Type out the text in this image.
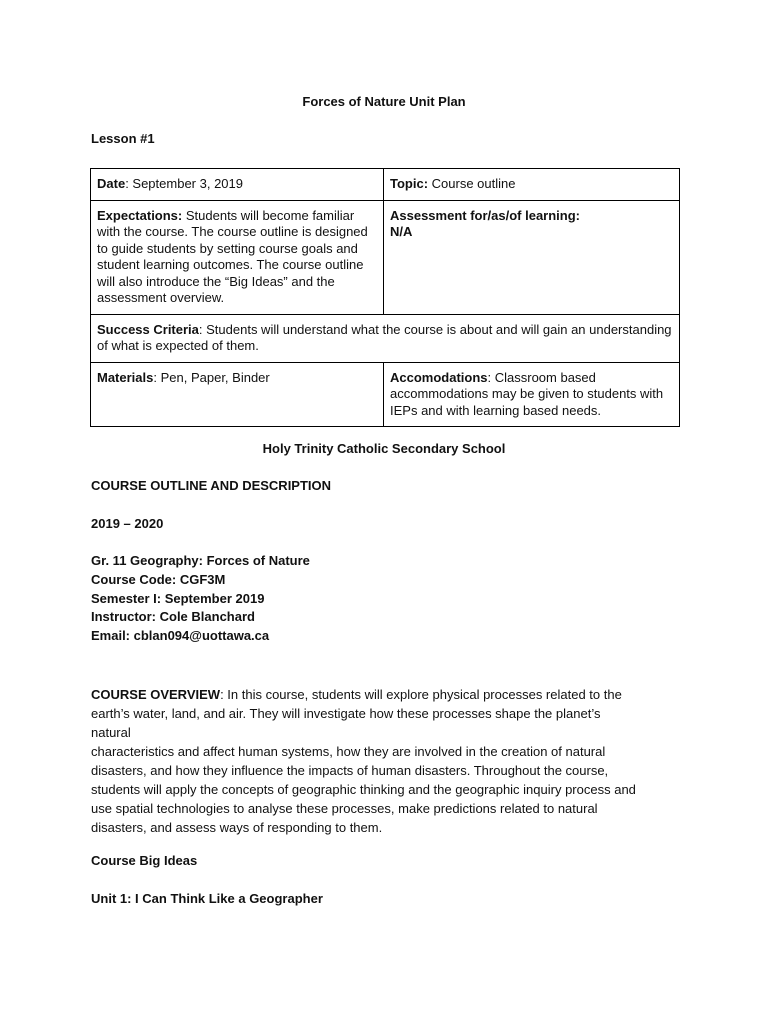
Forces of Nature Unit Plan
Lesson #1
Date: September 3, 2019	Topic: Course outline
Expectations: Students will become familiar with the course. The course outline is designed to guide students by setting course goals and student learning outcomes. The course outline will also introduce the “Big Ideas” and the assessment overview.	Assessment for/as/of learning:
N/A
Success Criteria: Students will understand what the course is about and will gain an understanding of what is expected of them.	
Materials: Pen, Paper, Binder	Accomodations: Classroom based accommodations may be given to students with IEPs and with learning based needs.
Holy Trinity Catholic Secondary School
COURSE OUTLINE AND DESCRIPTION
2019 – 2020
Gr. 11 Geography: Forces of Nature
Course Code: CGF3M
Semester I: September 2019
Instructor: Cole Blanchard
Email: cblan094@uottawa.ca
COURSE OVERVIEW: In this course, students will explore physical processes related to the
earth’s water, land, and air. They will investigate how these processes shape the planet’s
natural
characteristics and affect human systems, how they are involved in the creation of natural
disasters, and how they influence the impacts of human disasters. Throughout the course,
students will apply the concepts of geographic thinking and the geographic inquiry process and
use spatial technologies to analyse these processes, make predictions related to natural
disasters, and assess ways of responding to them.
Course Big Ideas
Unit 1: I Can Think Like a Geographer
